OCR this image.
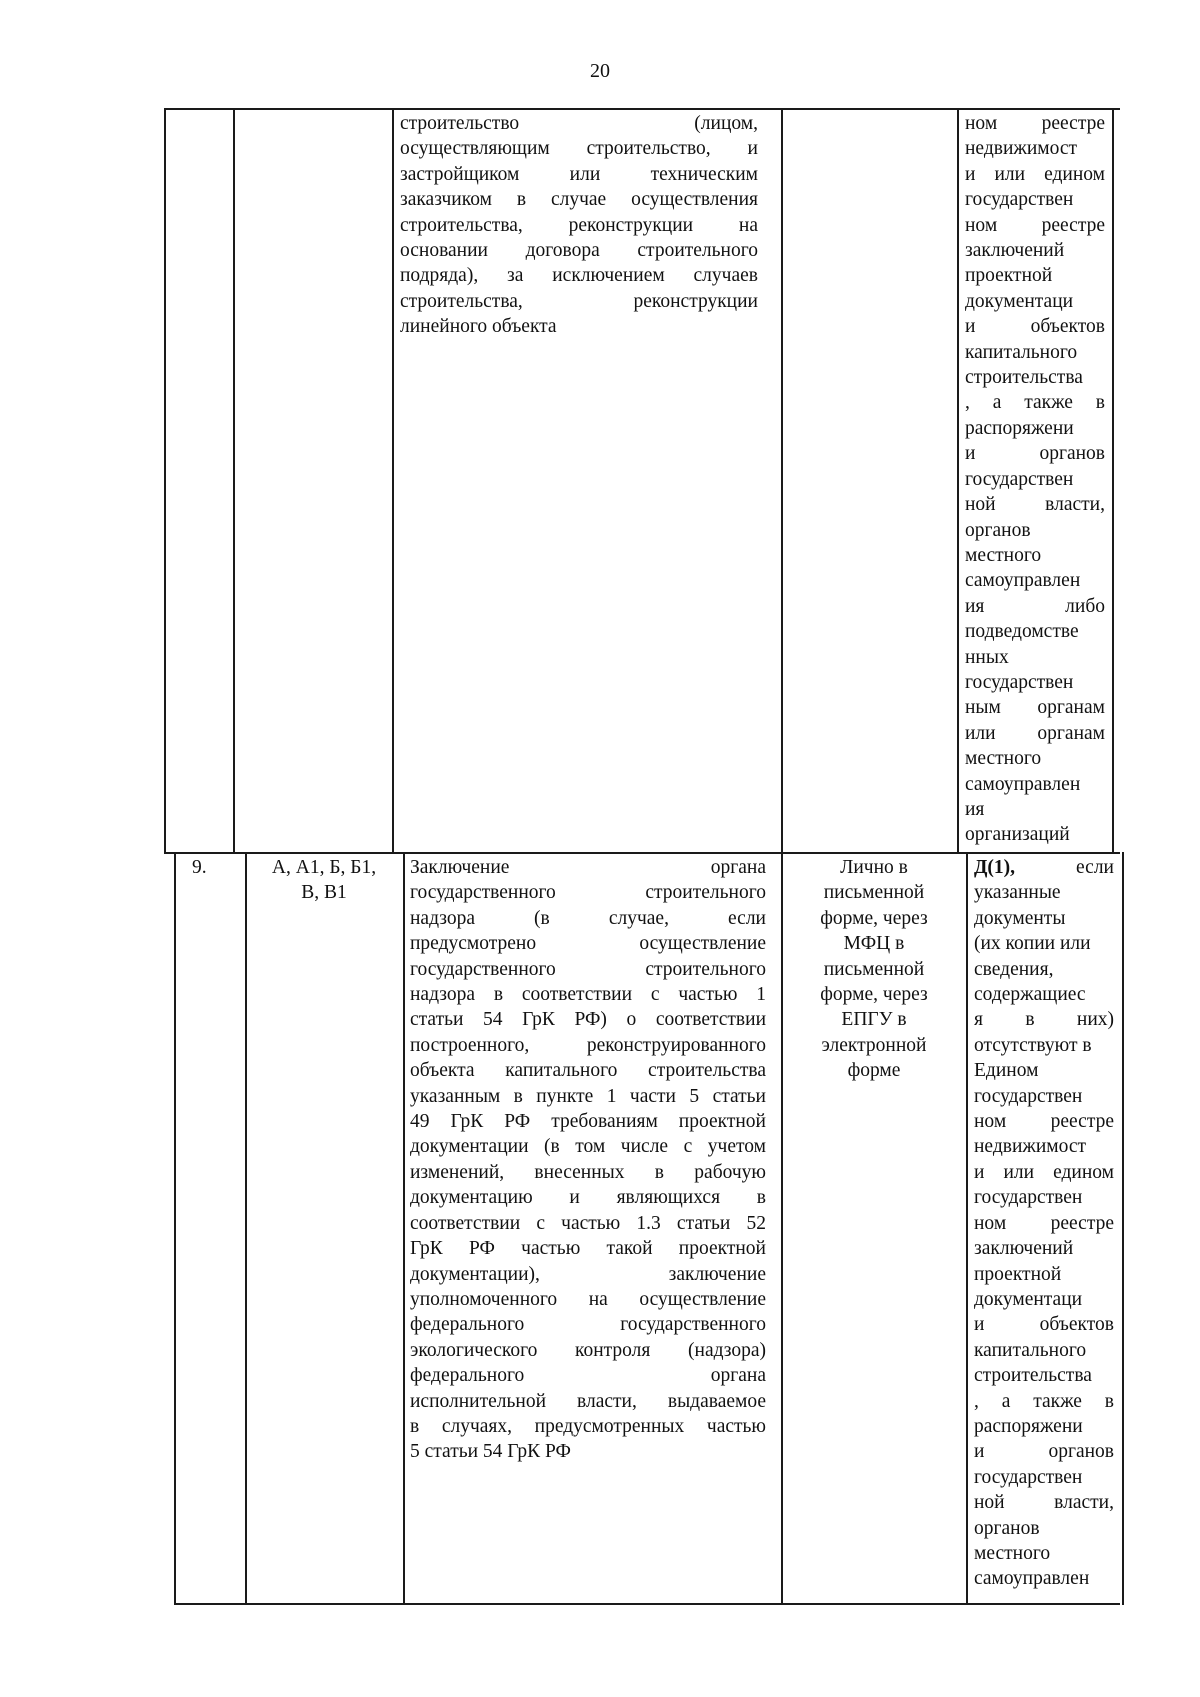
20
строительство (лицом,
осуществляющим строительство, и
застройщиком или техническим
заказчиком в случае осуществления
строительства, реконструкции на
основании договора строительного
подряда), за исключением случаев
строительства, реконструкции
линейного объекта
ном реестре
недвижимост
и или едином
государствен
ном реестре
заключений
проектной
документаци
и объектов
капитального
строительства
, а также в
распоряжени
и органов
государствен
ной власти,
органов
местного
самоуправлен
ия либо
подведомстве
нных
государствен
ным органам
или органам
местного
самоуправлен
ия
организаций
9.	А, А1, Б, Б1,
В, В1
Заключение органа
государственного строительного
надзора (в случае, если
предусмотрено осуществление
государственного строительного
надзора в соответствии с частью 1
статьи 54 ГрК РФ) о соответствии
построенного, реконструированного
объекта капитального строительства
указанным в пункте 1 части 5 статьи
49 ГрК РФ требованиям проектной
документации (в том числе с учетом
изменений, внесенных в рабочую
документацию и являющихся в
соответствии с частью 1.3 статьи 52
ГрК РФ частью такой проектной
документации), заключение
уполномоченного на осуществление
федерального государственного
экологического контроля (надзора)
федерального органа
исполнительной власти, выдаваемое
в случаях, предусмотренных частью
5 статьи 54 ГрК РФ
Лично в
письменной
форме, через
МФЦ в
письменной
форме, через
ЕПГУ в
электронной
форме
Д(1),	если
указанные
документы
(их копии или
сведения,
содержащиес
я в них)
отсутствуют в
Едином
государствен
ном реестре
недвижимост
и или едином
государствен
ном реестре
заключений
проектной
документаци
и объектов
капитального
строительства
, а также в
распоряжени
и органов
государствен
ной власти,
органов
местного
самоуправлен
